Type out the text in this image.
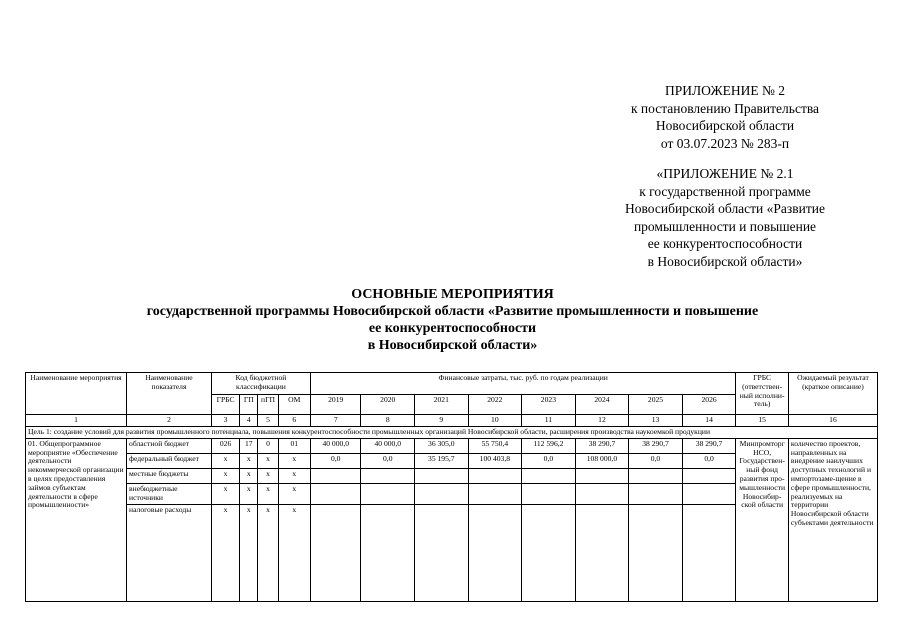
ПРИЛОЖЕНИЕ № 2
к постановлению Правительства
Новосибирской области
от 03.07.2023 № 283-п
«ПРИЛОЖЕНИЕ № 2.1
к государственной программе
Новосибирской области «Развитие
промышленности и повышение
ее конкурентоспособности
в Новосибирской области»
ОСНОВНЫЕ МЕРОПРИЯТИЯ
государственной программы Новосибирской области «Развитие промышленности и повышение
ее конкурентоспособности
в Новосибирской области»
Наименование мероприятия	Наименование показателя	Код бюджетной классификации				Финансовые затраты, тыс. руб. по годам реализации								ГРБС (ответствен-ный исполни-тель)	Ожидаемый результат (краткое описание)
		ГРБС	ГП	пГП	ОМ	2019	2020	2021	2022	2023	2024	2025	2026		
1	2	3	4	5	6	7	8	9	10	11	12	13	14	15	16
Цель 1: создание условий для развития промышленного потенциала, повышения конкурентоспособности промышленных организаций Новосибирской области, расширения производства наукоемкой продукции															
01. Общепрограммное мероприятие «Обеспечение деятельности некоммерческой организации в целях предоставления займов субъектам деятельности в сфере промышленности»	областной бюджет	026	17	0	01	40 000,0	40 000,0	36 305,0	55 750,4	112 596,2	38 290,7	38 290,7	38 290,7	Минпромторг НСО, Государствен-ный фонд развития про-мышленности Новосибир-ской области	количество проектов, направленных на внедрение наилучших доступных технологий и импортозаме-щение в сфере промышленности, реализуемых на территории Новосибирской области субъектами деятельности
	федеральный бюджет	х	х	х	х	0,0	0,0	35 195,7	100 403,8	0,0	108 000,0	0,0	0,0		
	местные бюджеты	х	х	х	х										
	внебюджетные источники	х	х	х	х										
	налоговые расходы	х	х	х	х										
